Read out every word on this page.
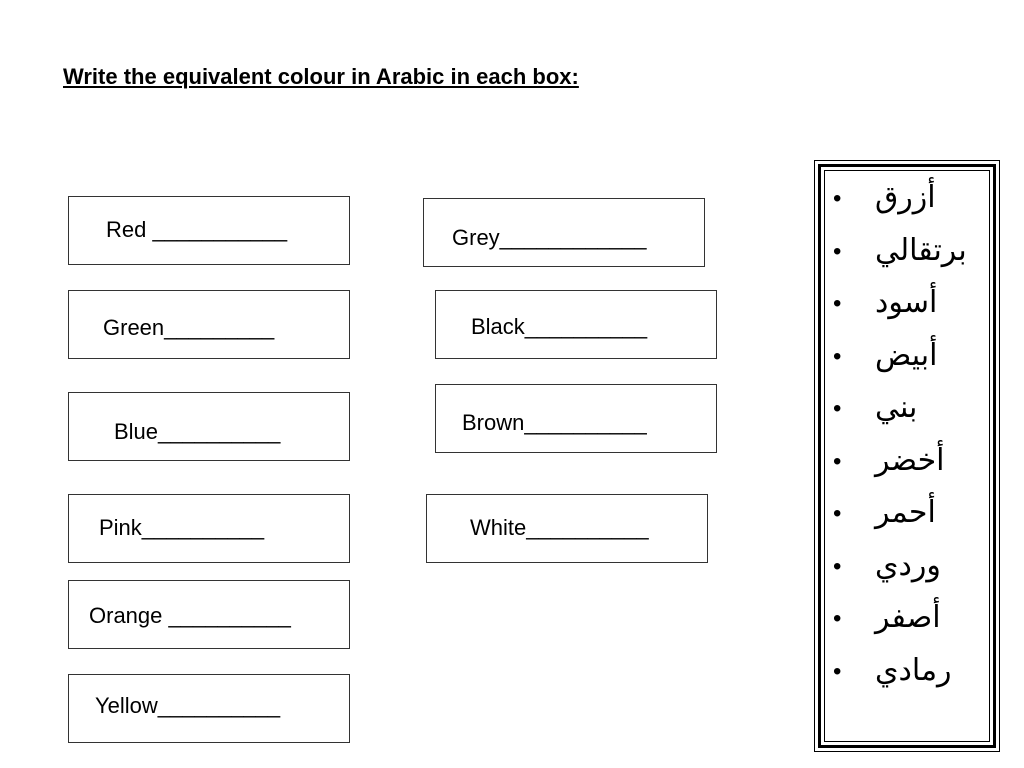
Write the equivalent colour in Arabic in each box:
Red ___________
Green_________
Blue__________
Pink__________
Orange __________
Yellow__________
Grey____________
Black__________
Brown__________
White__________
• أزرق
• برتقالي
• أسود
• أبيض
• بني
• أخضر
• أحمر
• وردي
• أصفر
• رمادي
